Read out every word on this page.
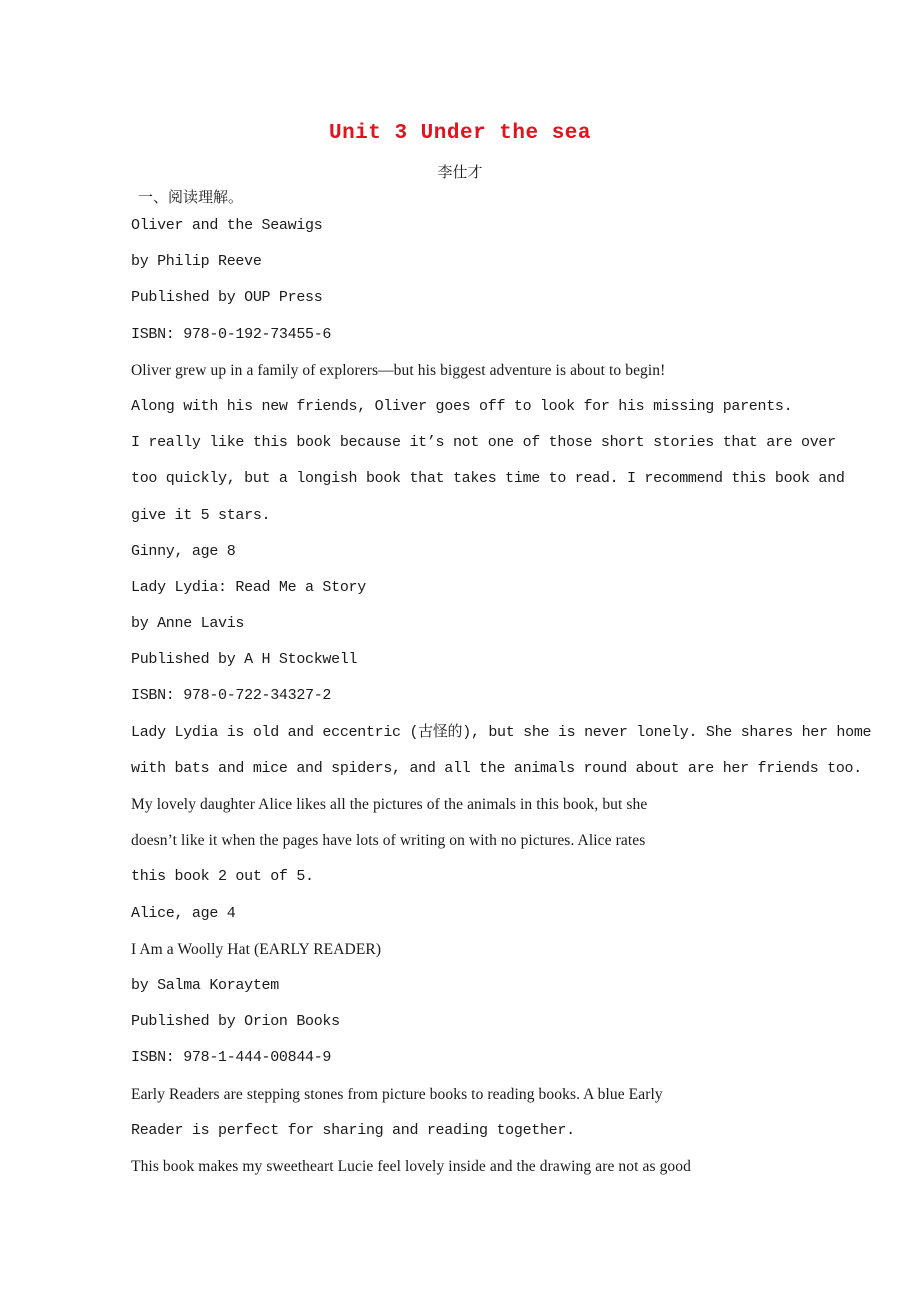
Unit 3 Under the sea

李仕才

一、阅读理解。

Oliver and the Seawigs
by Philip Reeve
Published by OUP Press
ISBN: 978-0-192-73455-6
Oliver grew up in a family of explorers—but his biggest adventure is about to begin!
Along with his new friends, Oliver goes off to look for his missing parents.
I really like this book because it’s not one of those short stories that are over
too quickly, but a longish book that takes time to read. I recommend this book and
give it 5 stars.
Ginny, age 8
Lady Lydia: Read Me a Story
by Anne Lavis
Published by A H Stockwell
ISBN: 978-0-722-34327-2
Lady Lydia is old and eccentric (古怪的), but she is never lonely. She shares her home
with bats and mice and spiders, and all the animals round about are her friends too.
My lovely daughter Alice likes all the pictures of the animals in this book, but she
doesn’t like it when the pages have lots of writing on with no pictures. Alice rates
this book 2 out of 5.
Alice, age 4
I Am a Woolly Hat (EARLY READER)
by Salma Koraytem
Published by Orion Books
ISBN: 978-1-444-00844-9
Early Readers are stepping stones from picture books to reading books. A blue Early
Reader is perfect for sharing and reading together.
This book makes my sweetheart Lucie feel lovely inside and the drawing are not as good
